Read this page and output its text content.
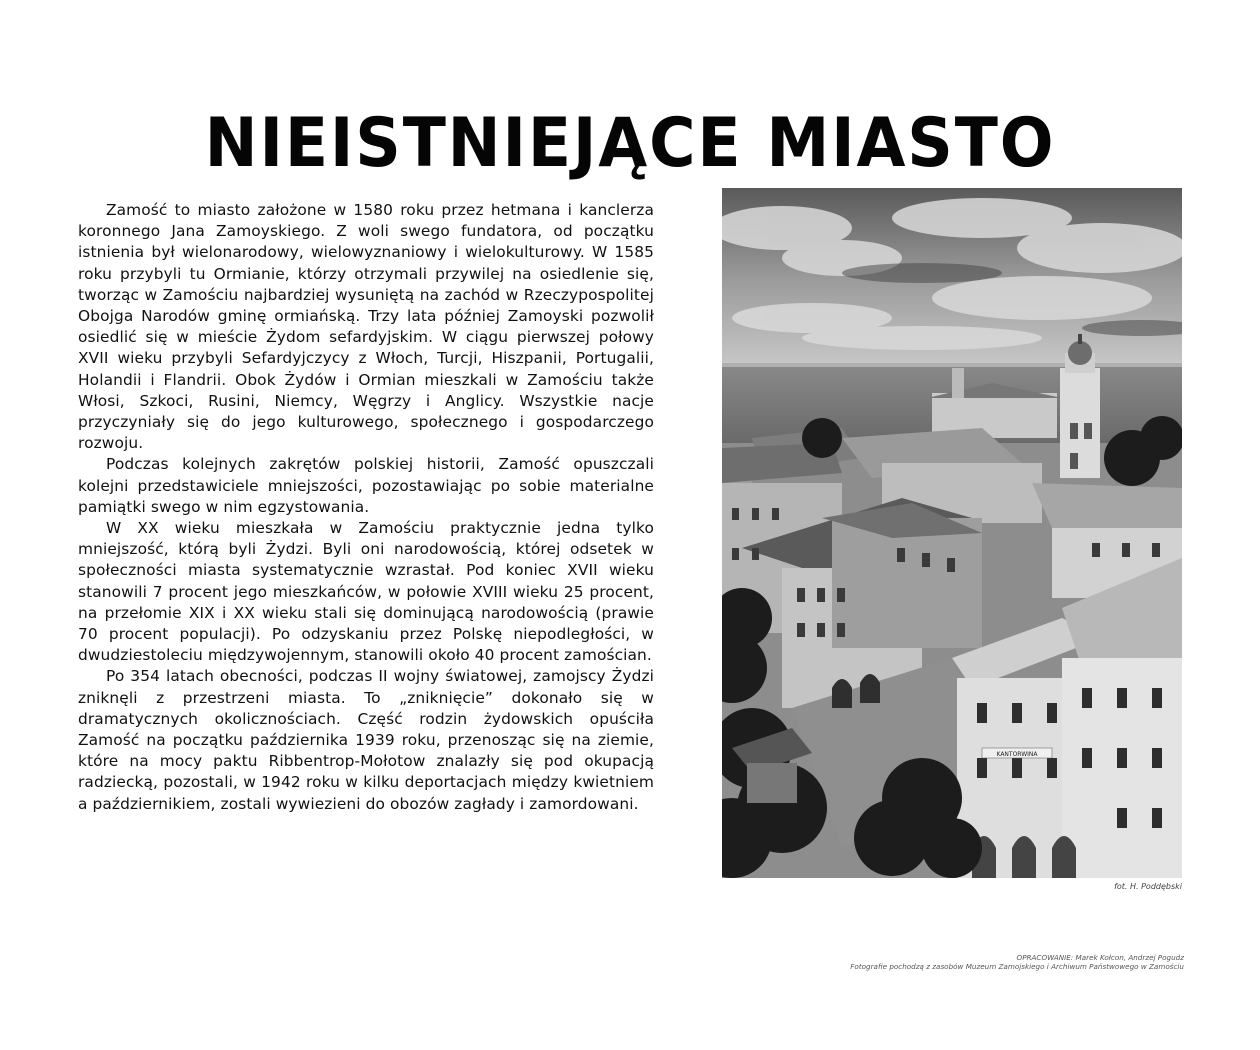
NIEISTNIEJĄCE MIASTO

Zamość to miasto założone w 1580 roku przez hetmana i kanclerza koronnego Jana Zamoyskiego. Z woli swego fundatora, od początku istnienia był wielonarodowy, wielowyznaniowy i wielokulturowy. W 1585 roku przybyli tu Ormianie, którzy otrzymali przywilej na osiedlenie się, tworząc w Zamościu najbardziej wysuniętą na zachód w Rzeczypospolitej Obojga Narodów gminę ormiańską. Trzy lata później Zamoyski pozwolił osiedlić się w mieście Żydom sefardyjskim. W ciągu pierwszej połowy XVII wieku przybyli Sefardyjczycy z Włoch, Turcji, Hiszpanii, Portugalii, Holandii i Flandrii. Obok Żydów i Ormian mieszkali w Zamościu także Włosi, Szkoci, Rusini, Niemcy, Węgrzy i Anglicy. Wszystkie nacje przyczyniały się do jego kulturowego, społecznego i gospodarczego rozwoju.

Podczas kolejnych zakrętów polskiej historii, Zamość opuszczali kolejni przedstawiciele mniejszości, pozostawiając po sobie materialne pamiątki swego w nim egzystowania.

W XX wieku mieszkała w Zamościu praktycznie jedna tylko mniejszość, którą byli Żydzi. Byli oni narodowością, której odsetek w społeczności miasta systematycznie wzrastał. Pod koniec XVII wieku stanowili 7 procent jego mieszkańców, w połowie XVIII wieku 25 procent, na przełomie XIX i XX wieku stali się dominującą narodowością (prawie 70 procent populacji). Po odzyskaniu przez Polskę niepodległości, w dwudziestoleciu międzywojennym, stanowili około 40 procent zamościan.

Po 354 latach obecności, podczas II wojny światowej, zamojscy Żydzi zniknęli z przestrzeni miasta. To „zniknięcie” dokonało się w dramatycznych okolicznościach. Część rodzin żydowskich opuściła Zamość na początku października 1939 roku, przenosząc się na ziemie, które na mocy paktu Ribbentrop-Mołotow znalazły się pod okupacją radziecką, pozostali, w 1942 roku w kilku deportacjach między kwietniem a październikiem, zostali wywiezieni do obozów zagłady i zamordowani.

KANTORWINA
fot. H. Poddębski
OPRACOWANIE: Marek Kołcon, Andrzej Pogudz
Fotografie pochodzą z zasobów Muzeum Zamojskiego i Archiwum Państwowego w Zamościu
